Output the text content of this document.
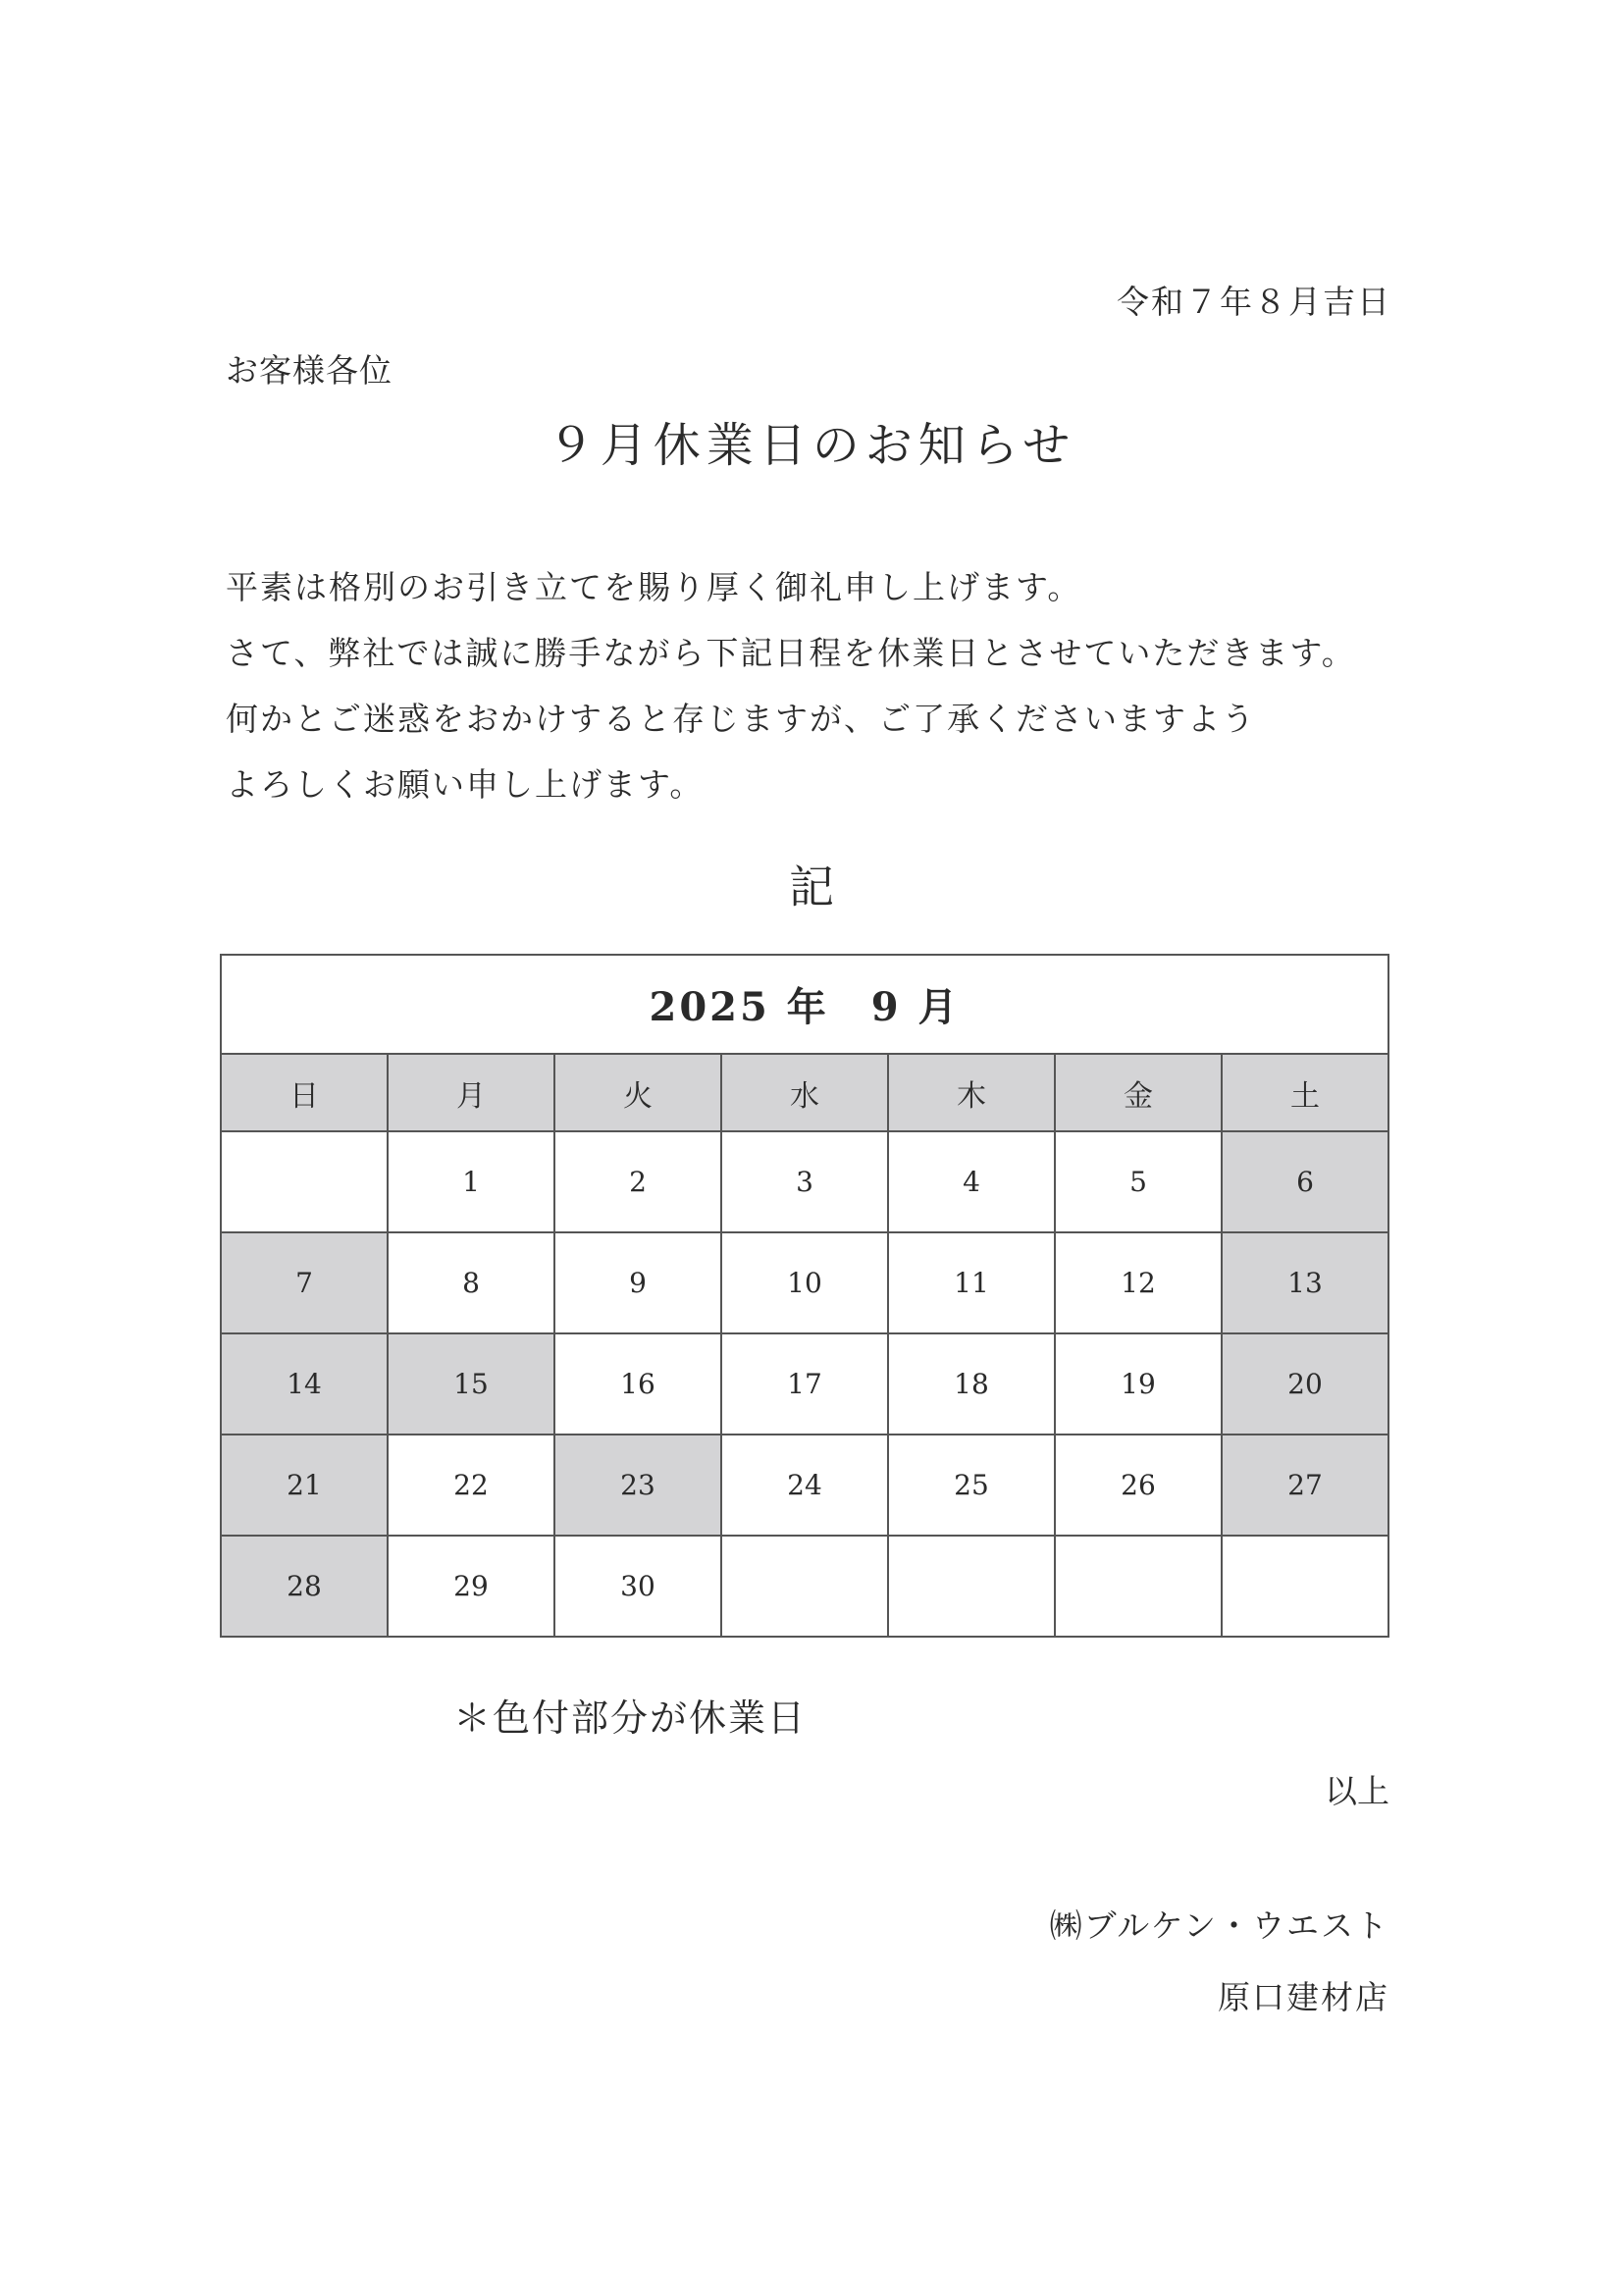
令和７年８月吉日
お客様各位
９月休業日のお知らせ
平素は格別のお引き立てを賜り厚く御礼申し上げます。
さて、弊社では誠に勝手ながら下記日程を休業日とさせていただきます。
何かとご迷惑をおかけすると存じますが、ご了承くださいますよう
よろしくお願い申し上げます。
記
2025 年　9 月						
日	月	火	水	木	金	土
	1	2	3	4	5	6
7	8	9	10	11	12	13
14	15	16	17	18	19	20
21	22	23	24	25	26	27
28	29	30				
＊色付部分が休業日
以上
㈱ブルケン・ウエスト
原口建材店
